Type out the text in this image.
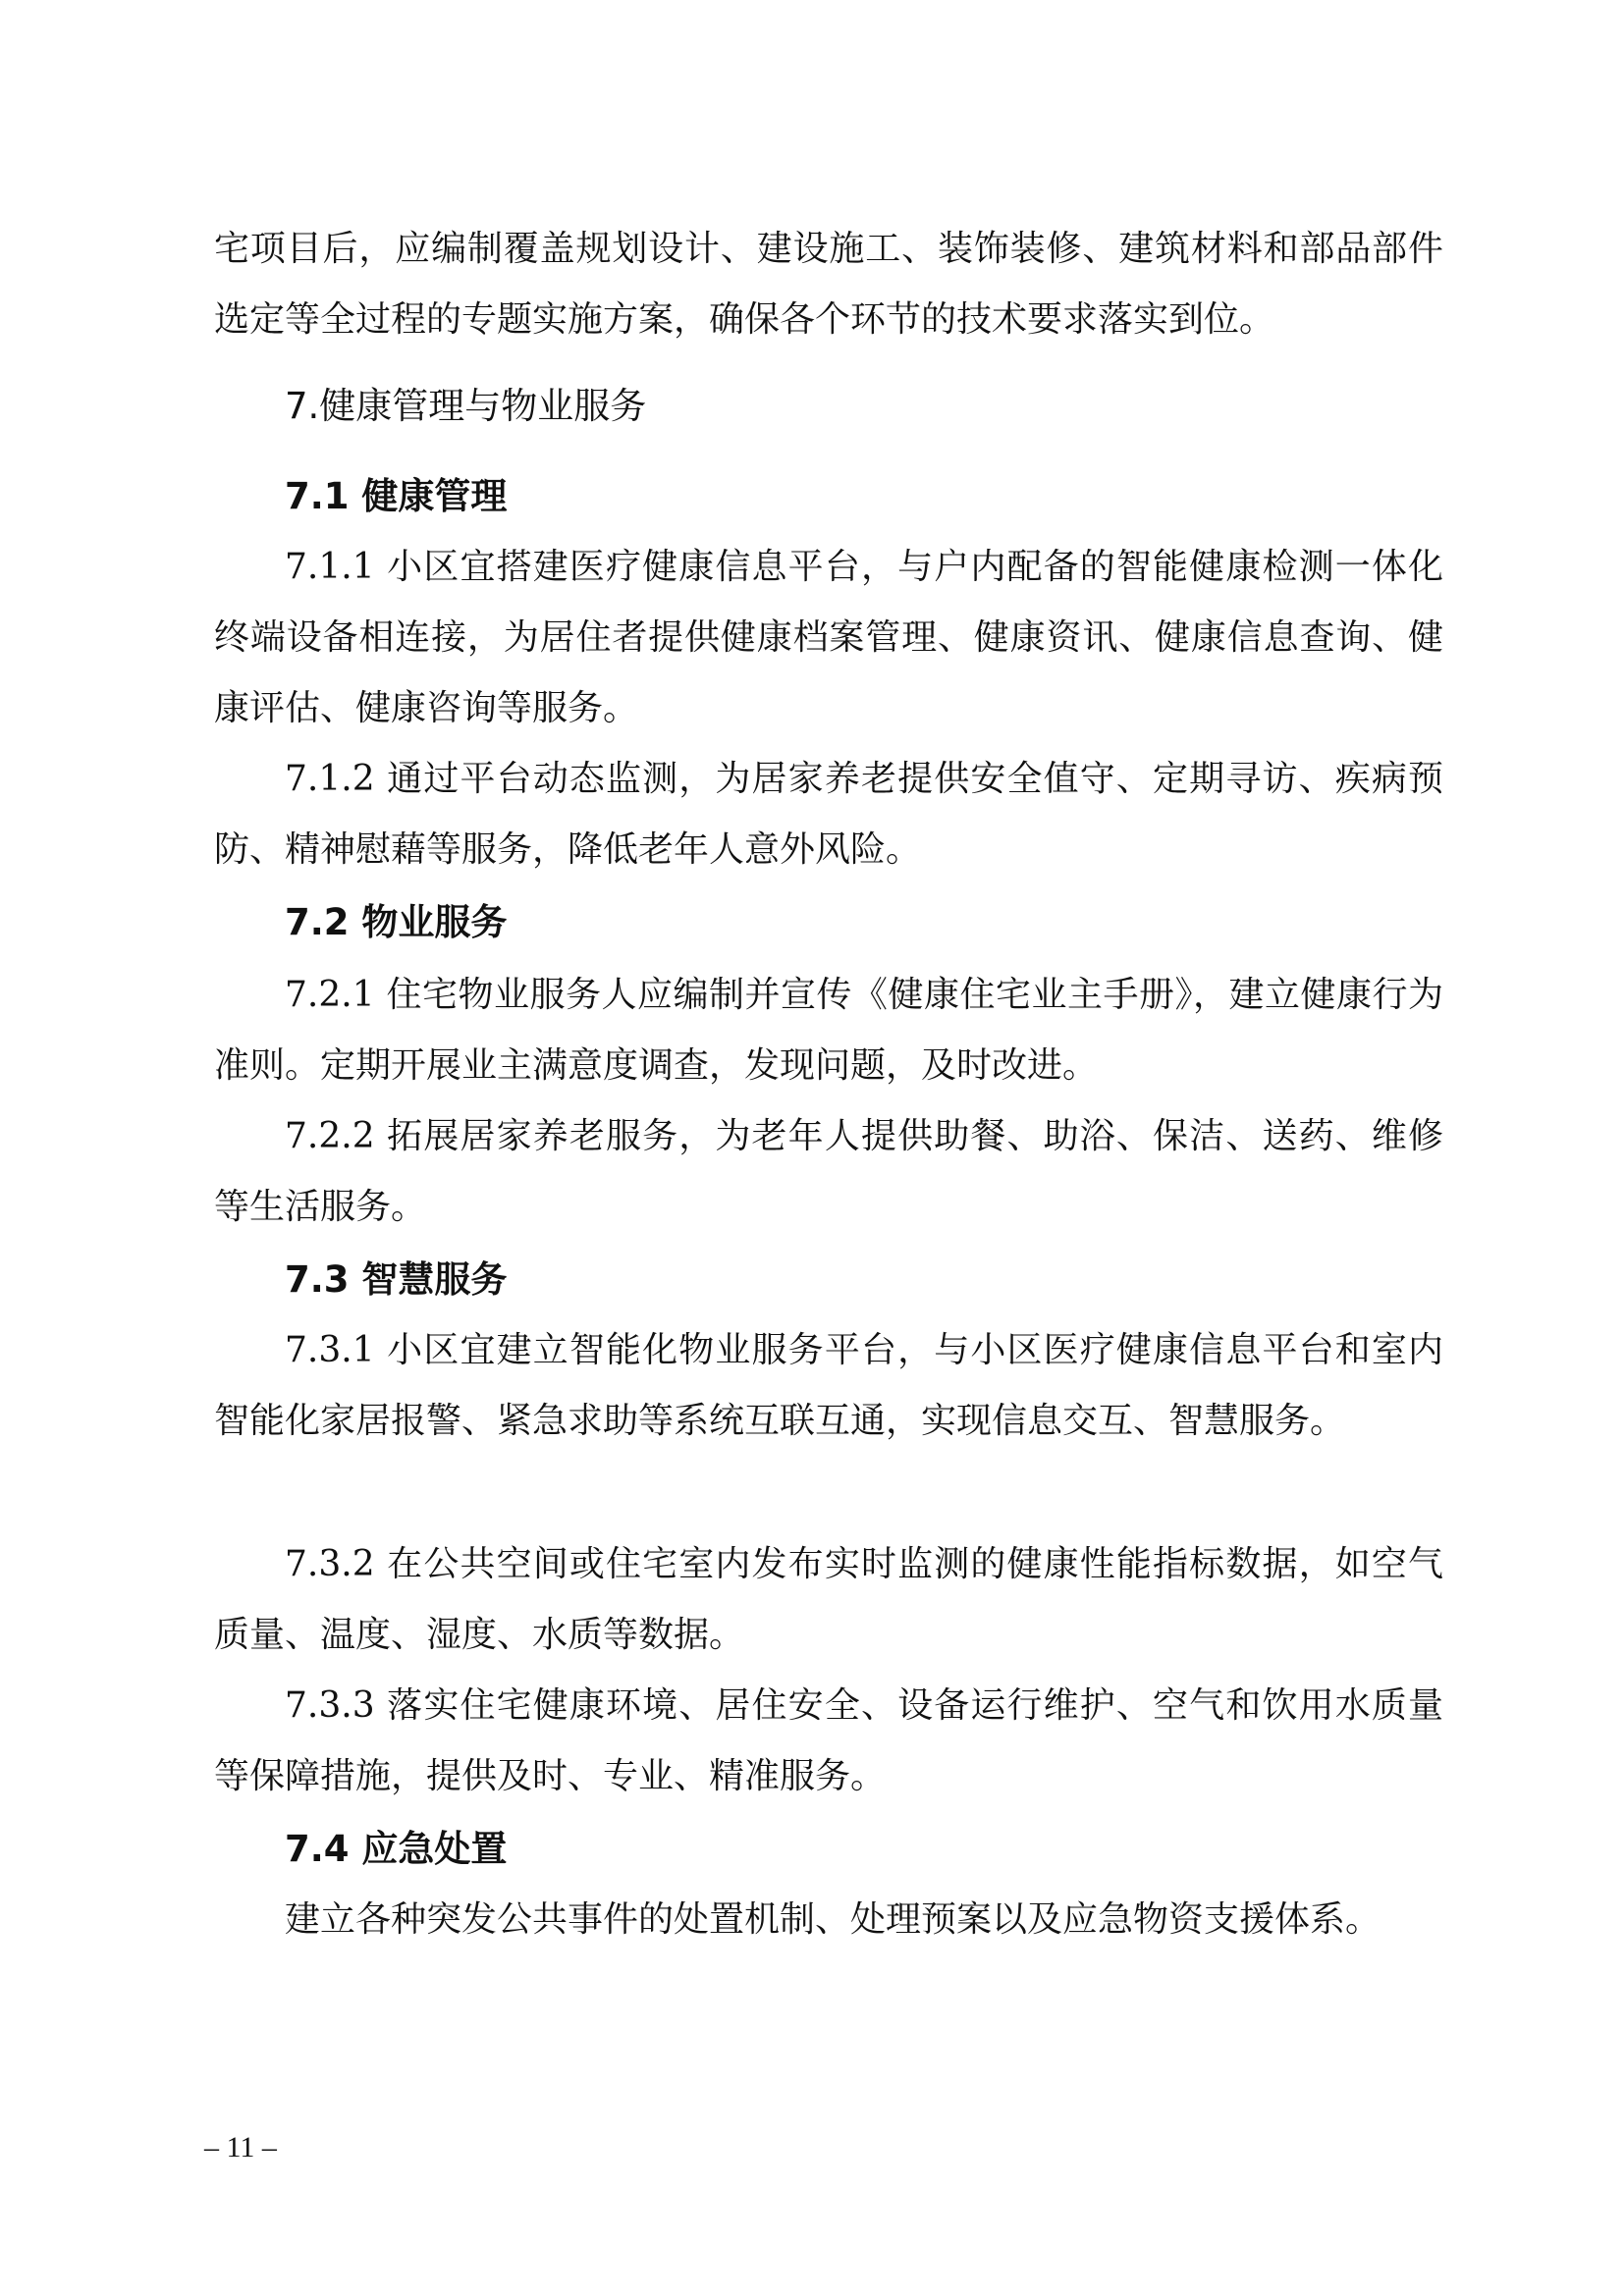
宅项目后，应编制覆盖规划设计、建设施工、装饰装修、建筑材料和部品部件选定等全过程的专题实施方案，确保各个环节的技术要求落实到位。

7.健康管理与物业服务
7.1 健康管理

7.1.1 小区宜搭建医疗健康信息平台，与户内配备的智能健康检测一体化终端设备相连接，为居住者提供健康档案管理、健康资讯、健康信息查询、健康评估、健康咨询等服务。

7.1.2 通过平台动态监测，为居家养老提供安全值守、定期寻访、疾病预防、精神慰藉等服务，降低老年人意外风险。

7.2 物业服务

7.2.1 住宅物业服务人应编制并宣传《健康住宅业主手册》，建立健康行为准则。定期开展业主满意度调查，发现问题，及时改进。

7.2.2 拓展居家养老服务，为老年人提供助餐、助浴、保洁、送药、维修等生活服务。

7.3 智慧服务

7.3.1 小区宜建立智能化物业服务平台，与小区医疗健康信息平台和室内智能化家居报警、紧急求助等系统互联互通，实现信息交互、智慧服务。

7.3.2 在公共空间或住宅室内发布实时监测的健康性能指标数据，如空气质量、温度、湿度、水质等数据。

7.3.3 落实住宅健康环境、居住安全、设备运行维护、空气和饮用水质量等保障措施，提供及时、专业、精准服务。

7.4 应急处置

建立各种突发公共事件的处置机制、处理预案以及应急物资支援体系。

– 11 –
